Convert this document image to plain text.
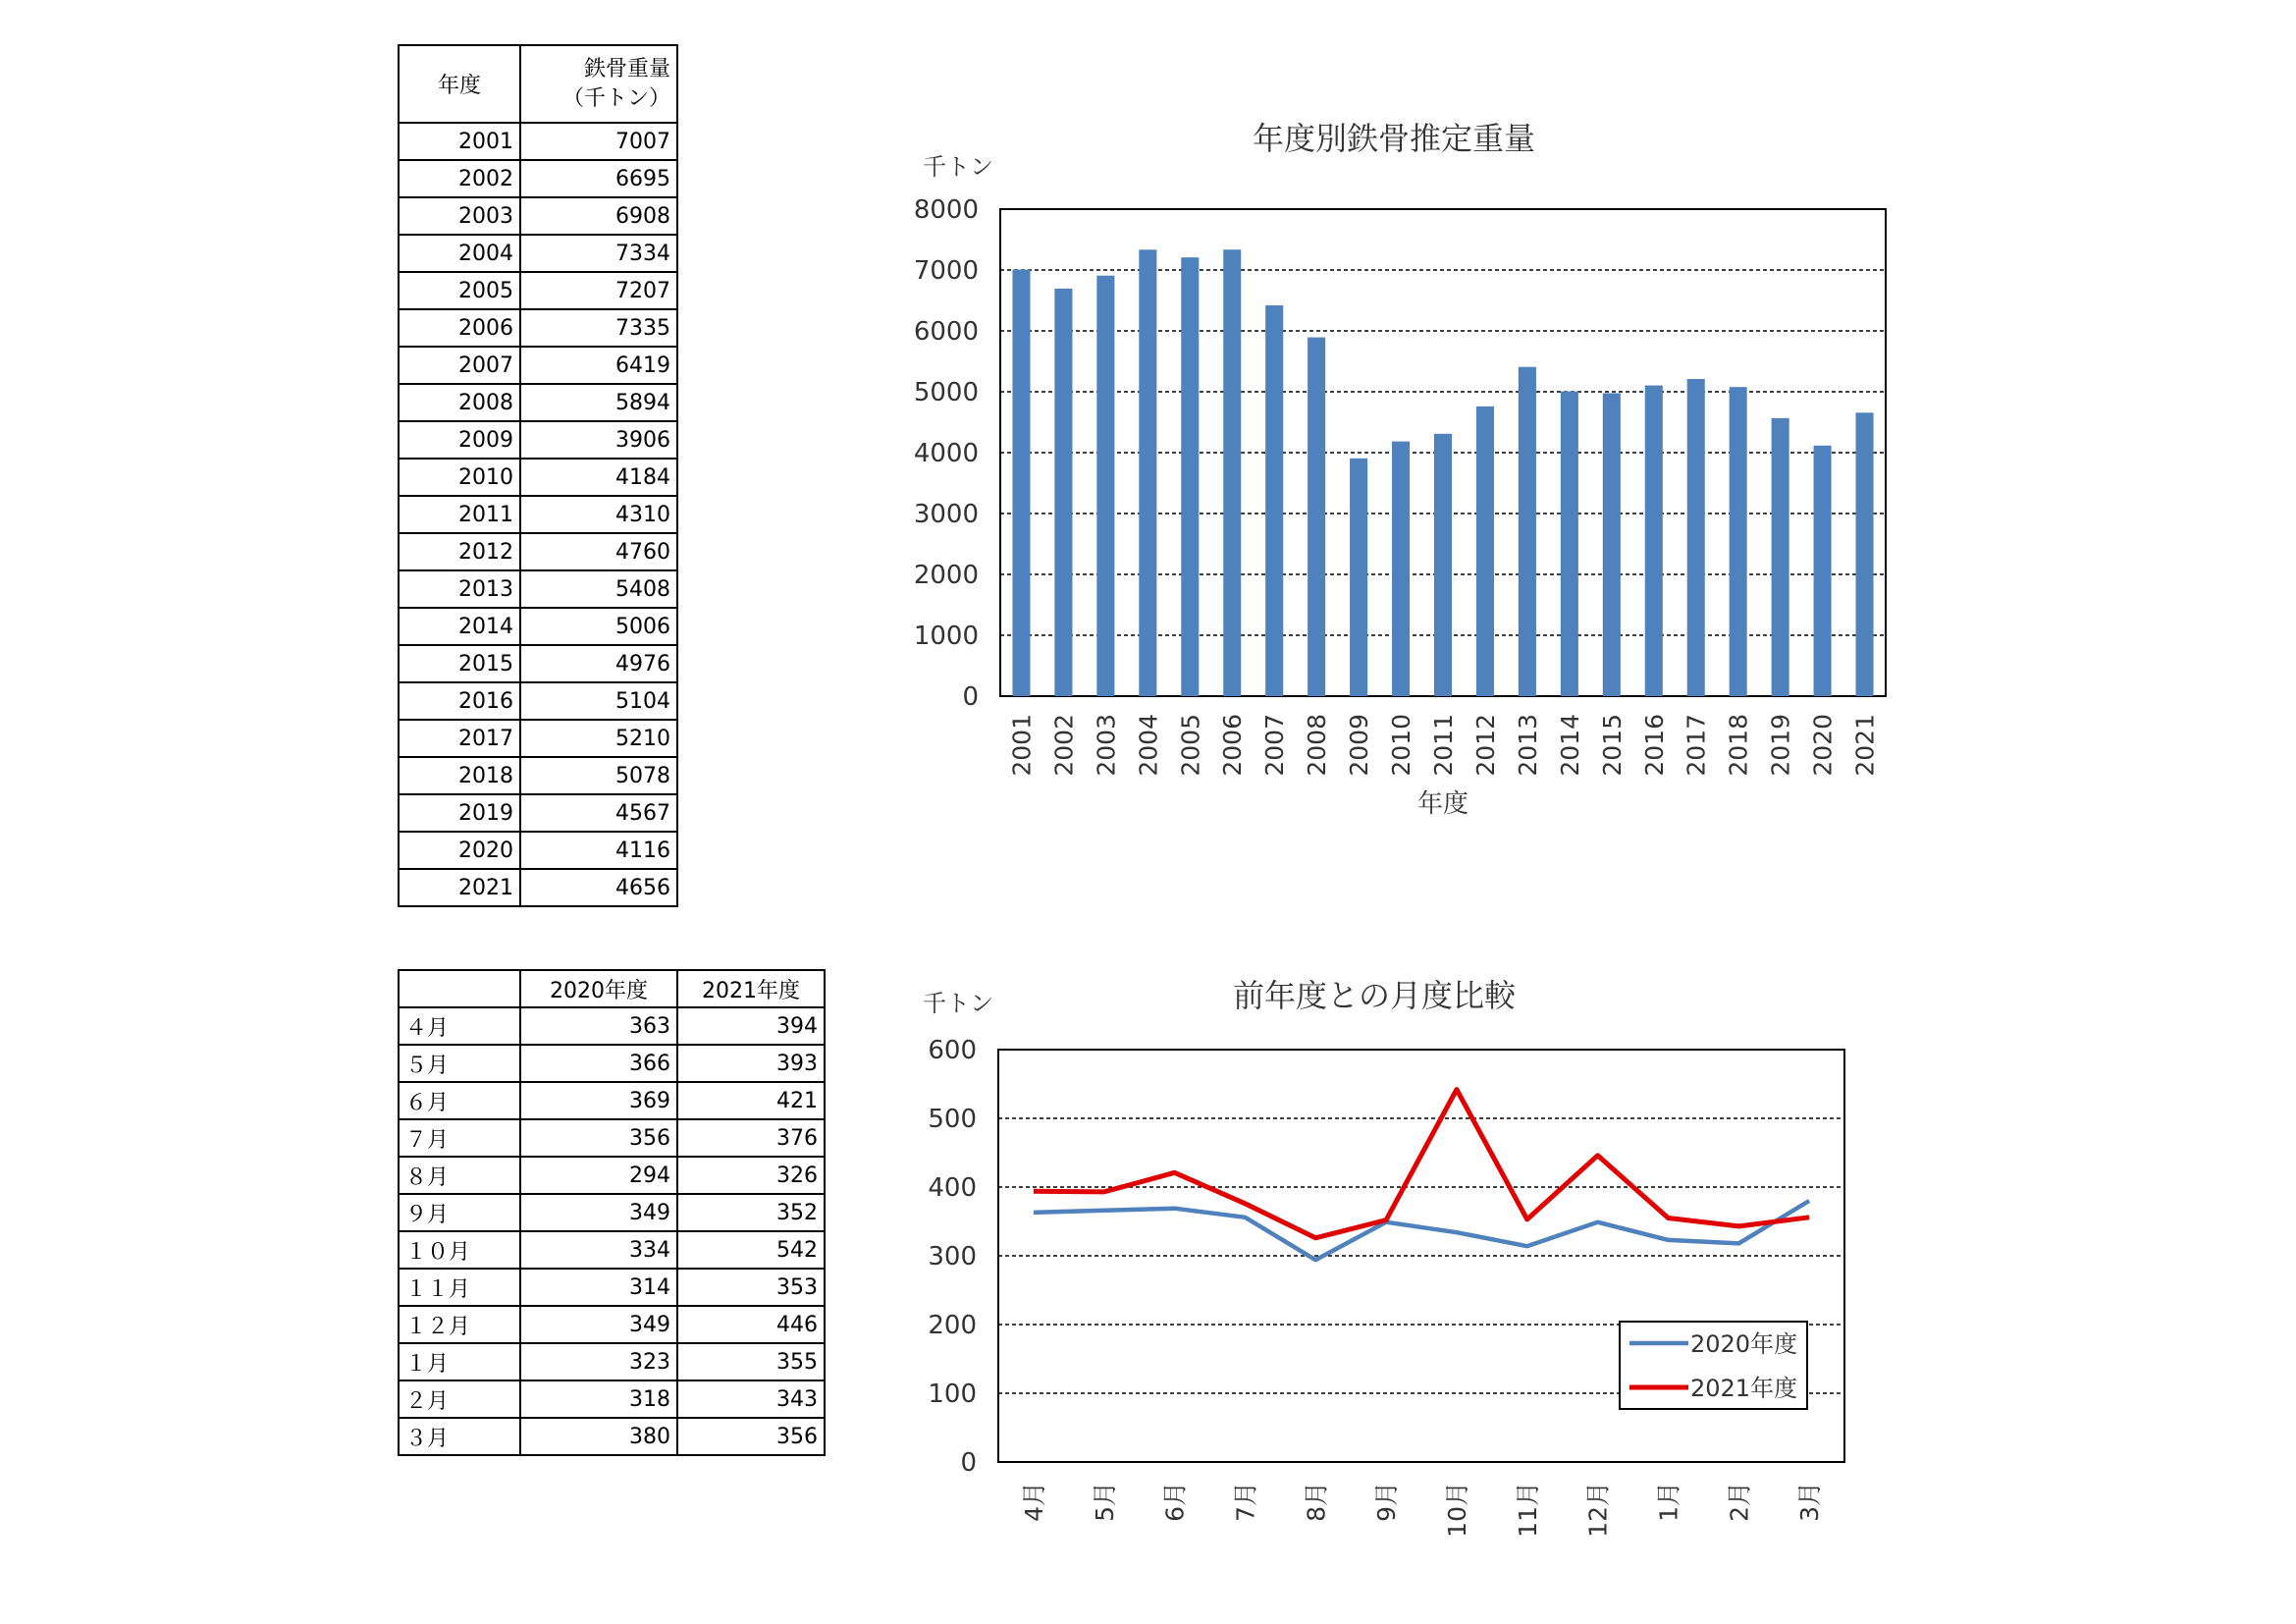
年度	鉄骨重量
（千トン）

2001	7007
2002	6695
2003	6908
2004	7334
2005	7207
2006	7335
2007	6419
2008	5894
2009	3906
2010	4184
2011	4310
2012	4760
2013	5408
2014	5006
2015	4976
2016	5104
2017	5210
2018	5078
2019	4567
2020	4116
2021	4656
	2020年度	2021年度
４月	363	394
５月	366	393
６月	369	421
７月	356	376
８月	294	326
９月	349	352
１０月	334	542
１１月	314	353
１２月	349	446
１月	323	355
２月	318	343
３月	380	356
年度別鉄骨推定重量
千トン
0
1000
2000
3000
4000
5000
6000
7000
8000
2001 2002 2003 2004 2005 2006 2007 2008 2009 2010 2011 2012 2013 2014 2015 2016 2017 2018 2019 2020 2021
年度
前年度との月度比較
千トン
0
100
200
300
400
500
600
4月 5月 6月 7月 8月 9月 10月 11月 12月 1月 2月 3月
2020年度
2021年度
